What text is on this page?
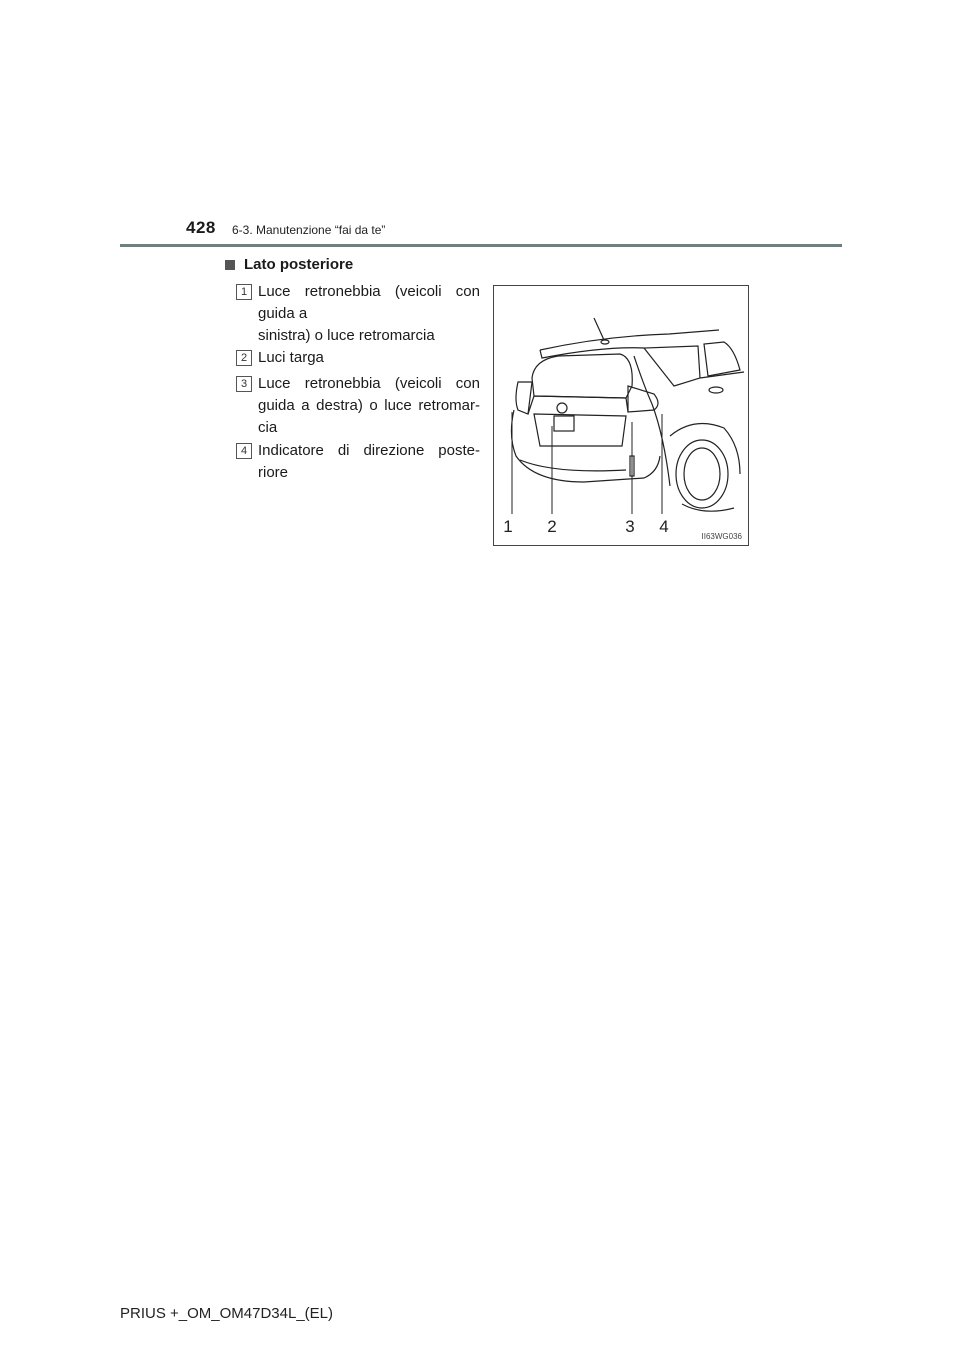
428 6-3. Manutenzione “fai da te”
Lato posteriore
1 Luce retronebbia (veicoli con guida a
sinistra) o luce retromarcia
2 Luci targa
3 Luce retronebbia (veicoli con guida a destra) o luce retromar-cia
4 Indicatore di direzione poste-riore
1 2	3 4
II63WG036
PRIUS +_OM_OM47D34L_(EL)
